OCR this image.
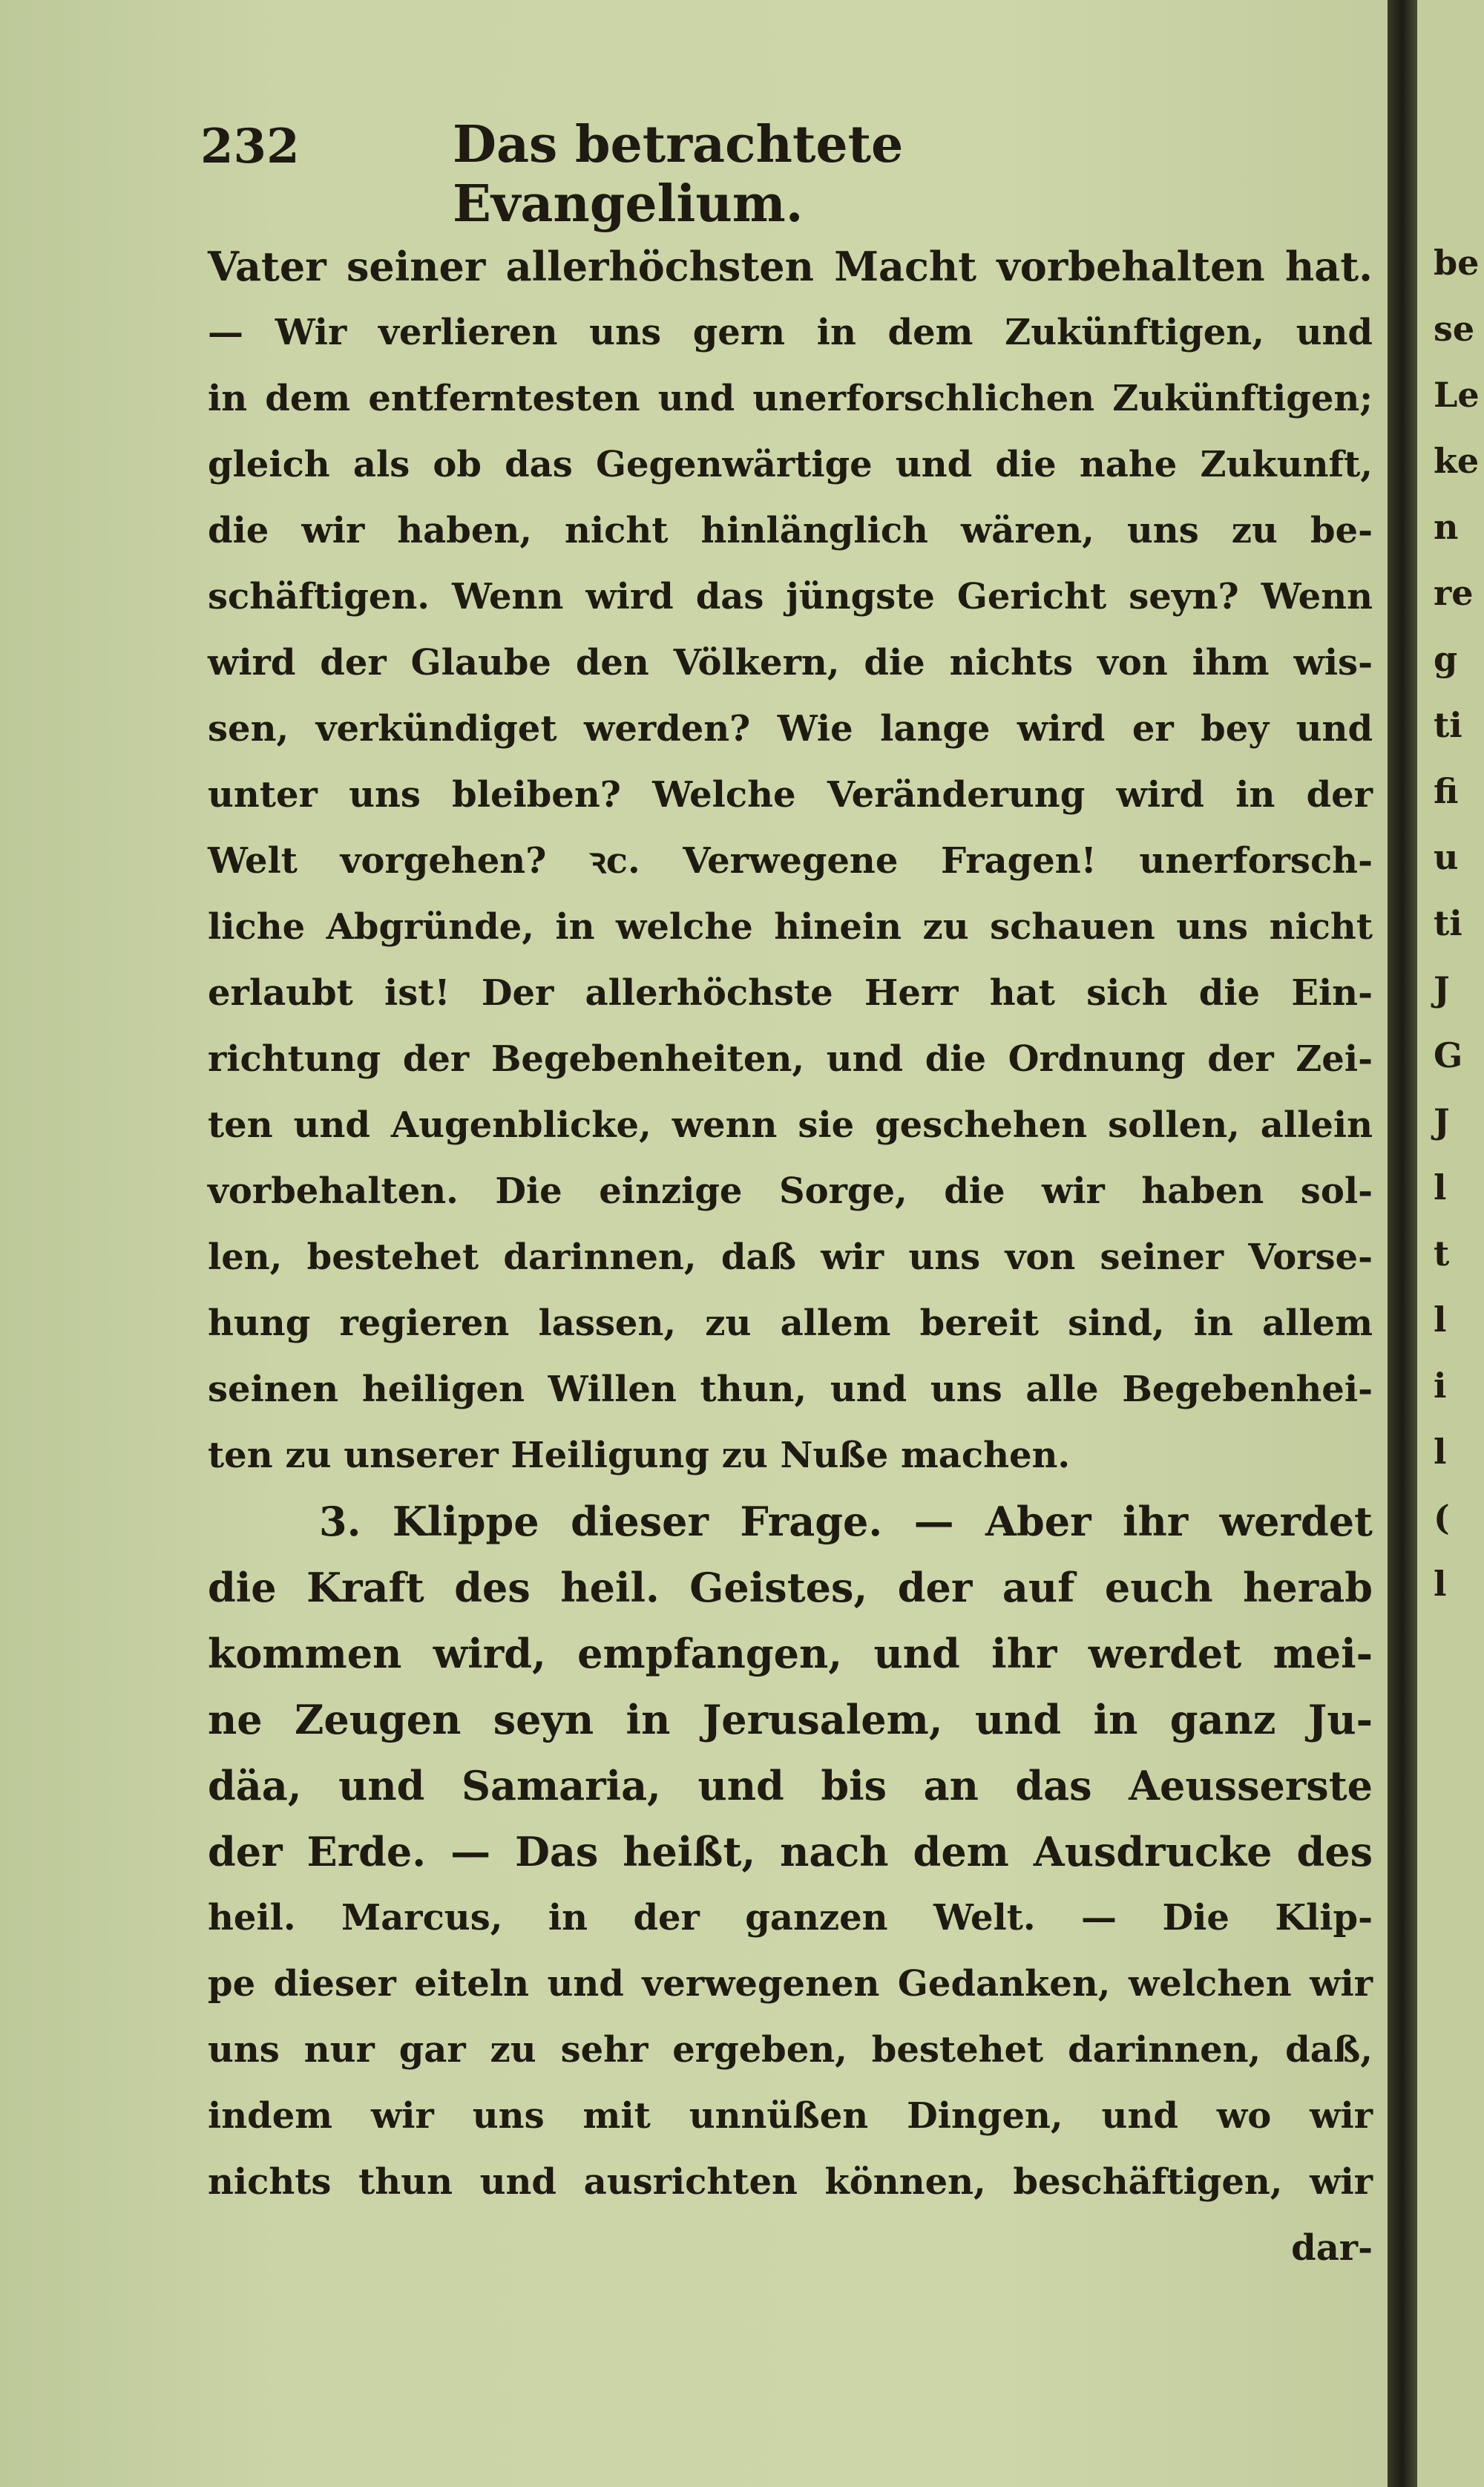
232	Das betrachtete Evangelium.
Vater seiner allerhöchsten Macht vorbehalten hat.
— Wir verlieren uns gern in dem Zukünftigen, und
in dem entferntesten und unerforschlichen Zukünftigen;
gleich als ob das Gegenwärtige und die nahe Zukunft,
die wir haben, nicht hinlänglich wären, uns zu be-
schäftigen. Wenn wird das jüngste Gericht seyn? Wenn
wird der Glaube den Völkern, die nichts von ihm wis-
sen, verkündiget werden? Wie lange wird er bey und
unter uns bleiben? Welche Veränderung wird in der
Welt vorgehen? ꝛc. Verwegene Fragen! unerforsch-
liche Abgründe, in welche hinein zu schauen uns nicht
erlaubt ist! Der allerhöchste Herr hat sich die Ein-
richtung der Begebenheiten, und die Ordnung der Zei-
ten und Augenblicke, wenn sie geschehen sollen, allein
vorbehalten. Die einzige Sorge, die wir haben sol-
len, bestehet darinnen, daß wir uns von seiner Vorse-
hung regieren lassen, zu allem bereit sind, in allem
seinen heiligen Willen thun, und uns alle Begebenhei-
ten zu unserer Heiligung zu Nuße machen.
3. Klippe dieser Frage. — Aber ihr werdet
die Kraft des heil. Geistes, der auf euch herab
kommen wird, empfangen, und ihr werdet mei-
ne Zeugen seyn in Jerusalem, und in ganz Ju-
däa, und Samaria, und bis an das Aeusserste
der Erde. — Das heißt, nach dem Ausdrucke des
heil. Marcus, in der ganzen Welt. — Die Klip-
pe dieser eiteln und verwegenen Gedanken, welchen wir
uns nur gar zu sehr ergeben, bestehet darinnen, daß,
indem wir uns mit unnüßen Dingen, und wo wir
nichts thun und ausrichten können, beschäftigen, wir
dar-
be
se
Le
ke
n
re
g
ti
fi
u
ti
J
G
J
l
t
l
i
l
(
l
